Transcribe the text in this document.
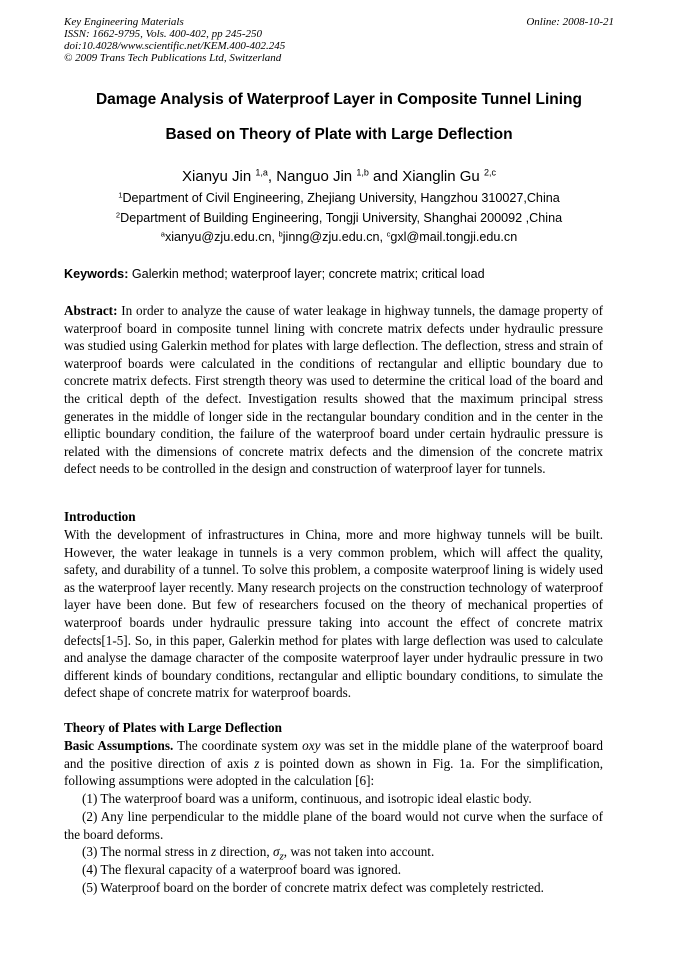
Key Engineering Materials
ISSN: 1662-9795, Vols. 400-402, pp 245-250
doi:10.4028/www.scientific.net/KEM.400-402.245
© 2009 Trans Tech Publications Ltd, Switzerland
Online: 2008-10-21
Damage Analysis of Waterproof Layer in Composite Tunnel Lining
Based on Theory of Plate with Large Deflection
Xianyu Jin $^{1,a}$, Nanguo Jin $^{1,b}$ and Xianglin Gu $^{2,c}$
$^1$Department of Civil Engineering, Zhejiang University, Hangzhou 310027,China
$^2$Department of Building Engineering, Tongji University, Shanghai 200092 ,China
$^a$xianyu@zju.edu.cn, $^b$jinng@zju.edu.cn, $^c$gxl@mail.tongji.edu.cn
Keywords: Galerkin method; waterproof layer; concrete matrix; critical load
Abstract: In order to analyze the cause of water leakage in highway tunnels, the damage property of waterproof board in composite tunnel lining with concrete matrix defects under hydraulic pressure was studied using Galerkin method for plates with large deflection. The deflection, stress and strain of waterproof boards were calculated in the conditions of rectangular and elliptic boundary due to concrete matrix defects. First strength theory was used to determine the critical load of the board and the critical depth of the defect. Investigation results showed that the maximum principal stress generates in the middle of longer side in the rectangular boundary condition and in the center in the elliptic boundary condition, the failure of the waterproof board under certain hydraulic pressure is related with the dimensions of concrete matrix defects and the dimension of the concrete matrix defect needs to be controlled in the design and construction of waterproof layer for tunnels.
Introduction
With the development of infrastructures in China, more and more highway tunnels will be built. However, the water leakage in tunnels is a very common problem, which will affect the quality, safety, and durability of a tunnel. To solve this problem, a composite waterproof lining is widely used as the waterproof layer recently. Many research projects on the construction technology of waterproof layer have been done. But few of researchers focused on the theory of mechanical properties of waterproof boards under hydraulic pressure taking into account the effect of concrete matrix defects[1-5]. So, in this paper, Galerkin method for plates with large deflection was used to calculate and analyse the damage character of the composite waterproof layer under hydraulic pressure in two different kinds of boundary conditions, rectangular and elliptic boundary conditions, to simulate the defect shape of concrete matrix for waterproof boards.
Theory of Plates with Large Deflection
Basic Assumptions. The coordinate system oxy was set in the middle plane of the waterproof board and the positive direction of axis z is pointed down as shown in Fig. 1a. For the simplification, following assumptions were adopted in the calculation [6]:
(1) The waterproof board was a uniform, continuous, and isotropic ideal elastic body.
(2) Any line perpendicular to the middle plane of the board would not curve when the surface of the board deforms.
(3) The normal stress in z direction, $\sigma_z$, was not taken into account.
(4) The flexural capacity of a waterproof board was ignored.
(5) Waterproof board on the border of concrete matrix defect was completely restricted.
